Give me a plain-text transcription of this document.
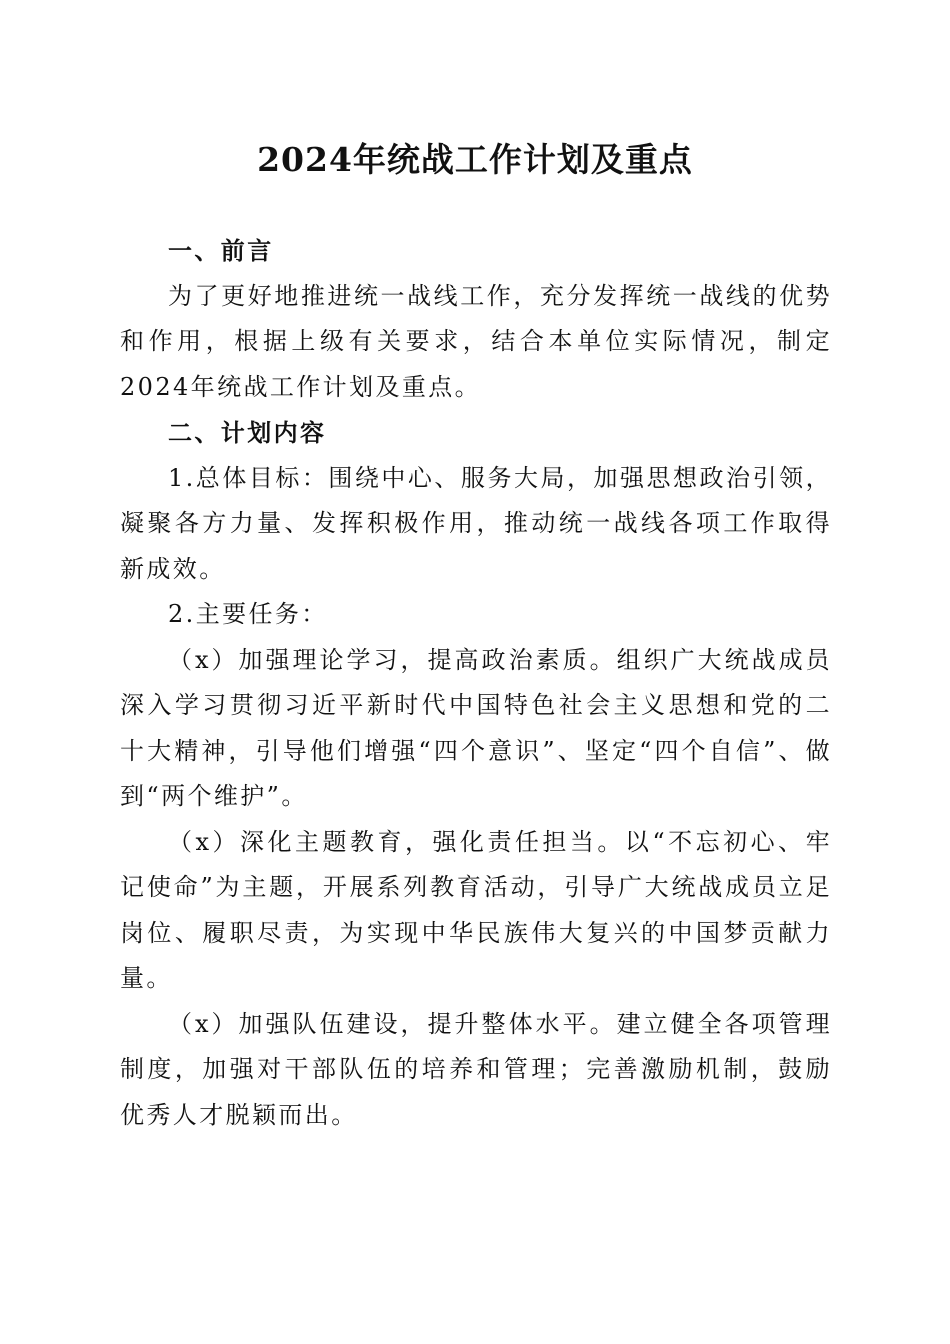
2024年统战工作计划及重点

一、前言

为了更好地推进统一战线工作，充分发挥统一战线的优势和作用，根据上级有关要求，结合本单位实际情况，制定2024年统战工作计划及重点。

二、计划内容

1.总体目标：围绕中心、服务大局，加强思想政治引领，凝聚各方力量、发挥积极作用，推动统一战线各项工作取得新成效。

2.主要任务：

（x）加强理论学习，提高政治素质。组织广大统战成员深入学习贯彻习近平新时代中国特色社会主义思想和党的二十大精神，引导他们增强“四个意识”、坚定“四个自信”、做到“两个维护”。

（x）深化主题教育，强化责任担当。以“不忘初心、牢记使命”为主题，开展系列教育活动，引导广大统战成员立足岗位、履职尽责，为实现中华民族伟大复兴的中国梦贡献力量。

（x）加强队伍建设，提升整体水平。建立健全各项管理制度，加强对干部队伍的培养和管理；完善激励机制，鼓励优秀人才脱颖而出。
